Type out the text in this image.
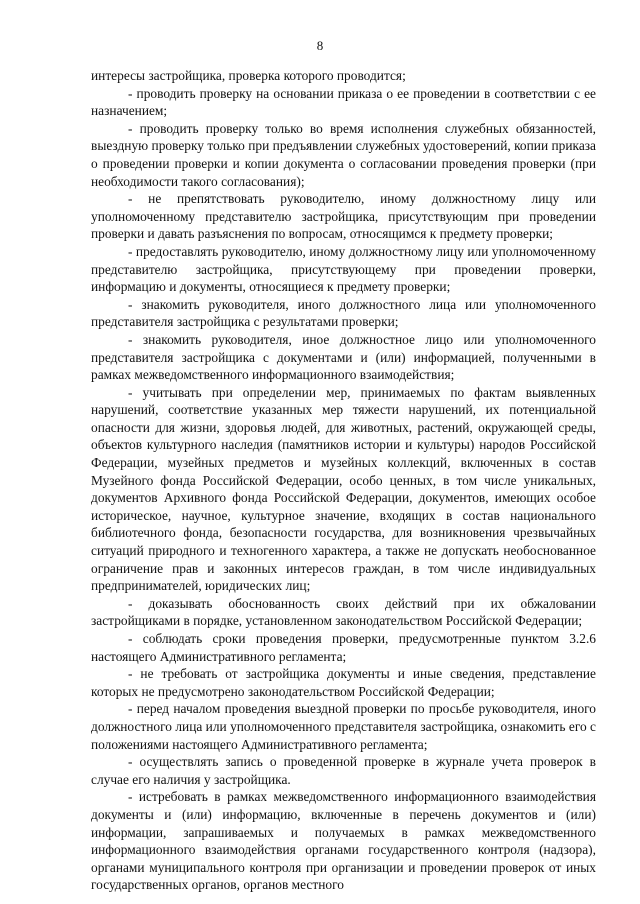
8

интересы застройщика, проверка которого проводится;

- проводить проверку на основании приказа о ее проведении в соответствии с ее назначением;

- проводить проверку только во время исполнения служебных обязанностей, выездную проверку только при предъявлении служебных удостоверений, копии приказа о проведении проверки и копии документа о согласовании проведения проверки (при необходимости такого согласования);

- не препятствовать руководителю, иному должностному лицу или уполномоченному представителю застройщика, присутствующим при проведении проверки и давать разъяснения по вопросам, относящимся к предмету проверки;

- предоставлять руководителю, иному должностному лицу или уполномоченному представителю застройщика, присутствующему при проведении проверки, информацию и документы, относящиеся к предмету проверки;

- знакомить руководителя, иного должностного лица или уполномоченного представителя застройщика с результатами проверки;

- знакомить руководителя, иное должностное лицо или уполномоченного представителя застройщика с документами и (или) информацией, полученными в рамках межведомственного информационного взаимодействия;

- учитывать при определении мер, принимаемых по фактам выявленных нарушений, соответствие указанных мер тяжести нарушений, их потенциальной опасности для жизни, здоровья людей, для животных, растений, окружающей среды, объектов культурного наследия (памятников истории и культуры) народов Российской Федерации, музейных предметов и музейных коллекций, включенных в состав Музейного фонда Российской Федерации, особо ценных, в том числе уникальных, документов Архивного фонда Российской Федерации, документов, имеющих особое историческое, научное, культурное значение, входящих в состав национального библиотечного фонда, безопасности государства, для возникновения чрезвычайных ситуаций природного и техногенного характера, а также не допускать необоснованное ограничение прав и законных интересов граждан, в том числе индивидуальных предпринимателей, юридических лиц;

- доказывать обоснованность своих действий при их обжаловании застройщиками в порядке, установленном законодательством Российской Федерации;

- соблюдать сроки проведения проверки, предусмотренные пунктом 3.2.6 настоящего Административного регламента;

- не требовать от застройщика документы и иные сведения, представление которых не предусмотрено законодательством Российской Федерации;

- перед началом проведения выездной проверки по просьбе руководителя, иного должностного лица или уполномоченного представителя застройщика, ознакомить его с положениями настоящего Административного регламента;

- осуществлять запись о проведенной проверке в журнале учета проверок в случае его наличия у застройщика.

- истребовать в рамках межведомственного информационного взаимодействия документы и (или) информацию, включенные в перечень документов и (или) информации, запрашиваемых и получаемых в рамках межведомственного информационного взаимодействия органами государственного контроля (надзора), органами муниципального контроля при организации и проведении проверок от иных государственных органов, органов местного
